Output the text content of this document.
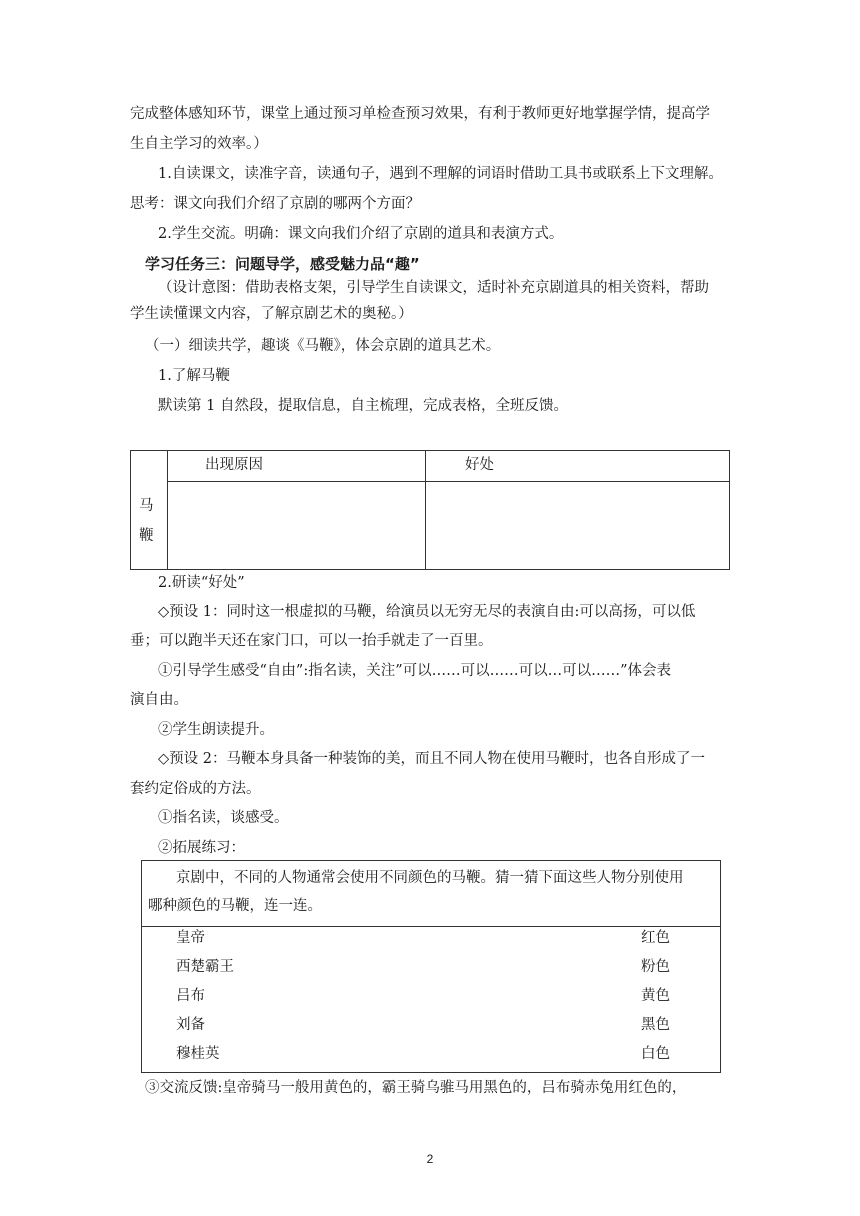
完成整体感知环节，课堂上通过预习单检查预习效果，有利于教师更好地掌握学情，提高学
生自主学习的效率。）
1.自读课文，读准字音，读通句子，遇到不理解的词语时借助工具书或联系上下文理解。
思考：课文向我们介绍了京剧的哪两个方面？
2.学生交流。明确：课文向我们介绍了京剧的道具和表演方式。
学习任务三：问题导学，感受魅力品“趣”
（设计意图：借助表格支架，引导学生自读课文，适时补充京剧道具的相关资料，帮助
学生读懂课文内容，了解京剧艺术的奥秘。）
（一）细读共学，趣谈《马鞭》，体会京剧的道具艺术。
1.了解马鞭
默读第 1 自然段，提取信息，自主梳理，完成表格，全班反馈。
马
鞭
出现原因	好处
2.研读“好处”
◇预设 1：同时这一根虚拟的马鞭，给演员以无穷无尽的表演自由:可以高扬，可以低
垂；可以跑半天还在家门口，可以一抬手就走了一百里。
①引导学生感受“自由”:指名读，关注”可以……可以……可以…可以……”体会表
演自由。
②学生朗读提升。
◇预设 2：马鞭本身具备一种装饰的美，而且不同人物在使用马鞭时，也各自形成了一
套约定俗成的方法。
①指名读，谈感受。
②拓展练习：
京剧中，不同的人物通常会使用不同颜色的马鞭。猜一猜下面这些人物分别使用
哪种颜色的马鞭，连一连。
皇帝
西楚霸王
吕布
刘备
穆桂英
红色
粉色
黄色
黑色
白色
③交流反馈:皇帝骑马一般用黄色的，霸王骑乌骓马用黑色的，吕布骑赤兔用红色的，
2
